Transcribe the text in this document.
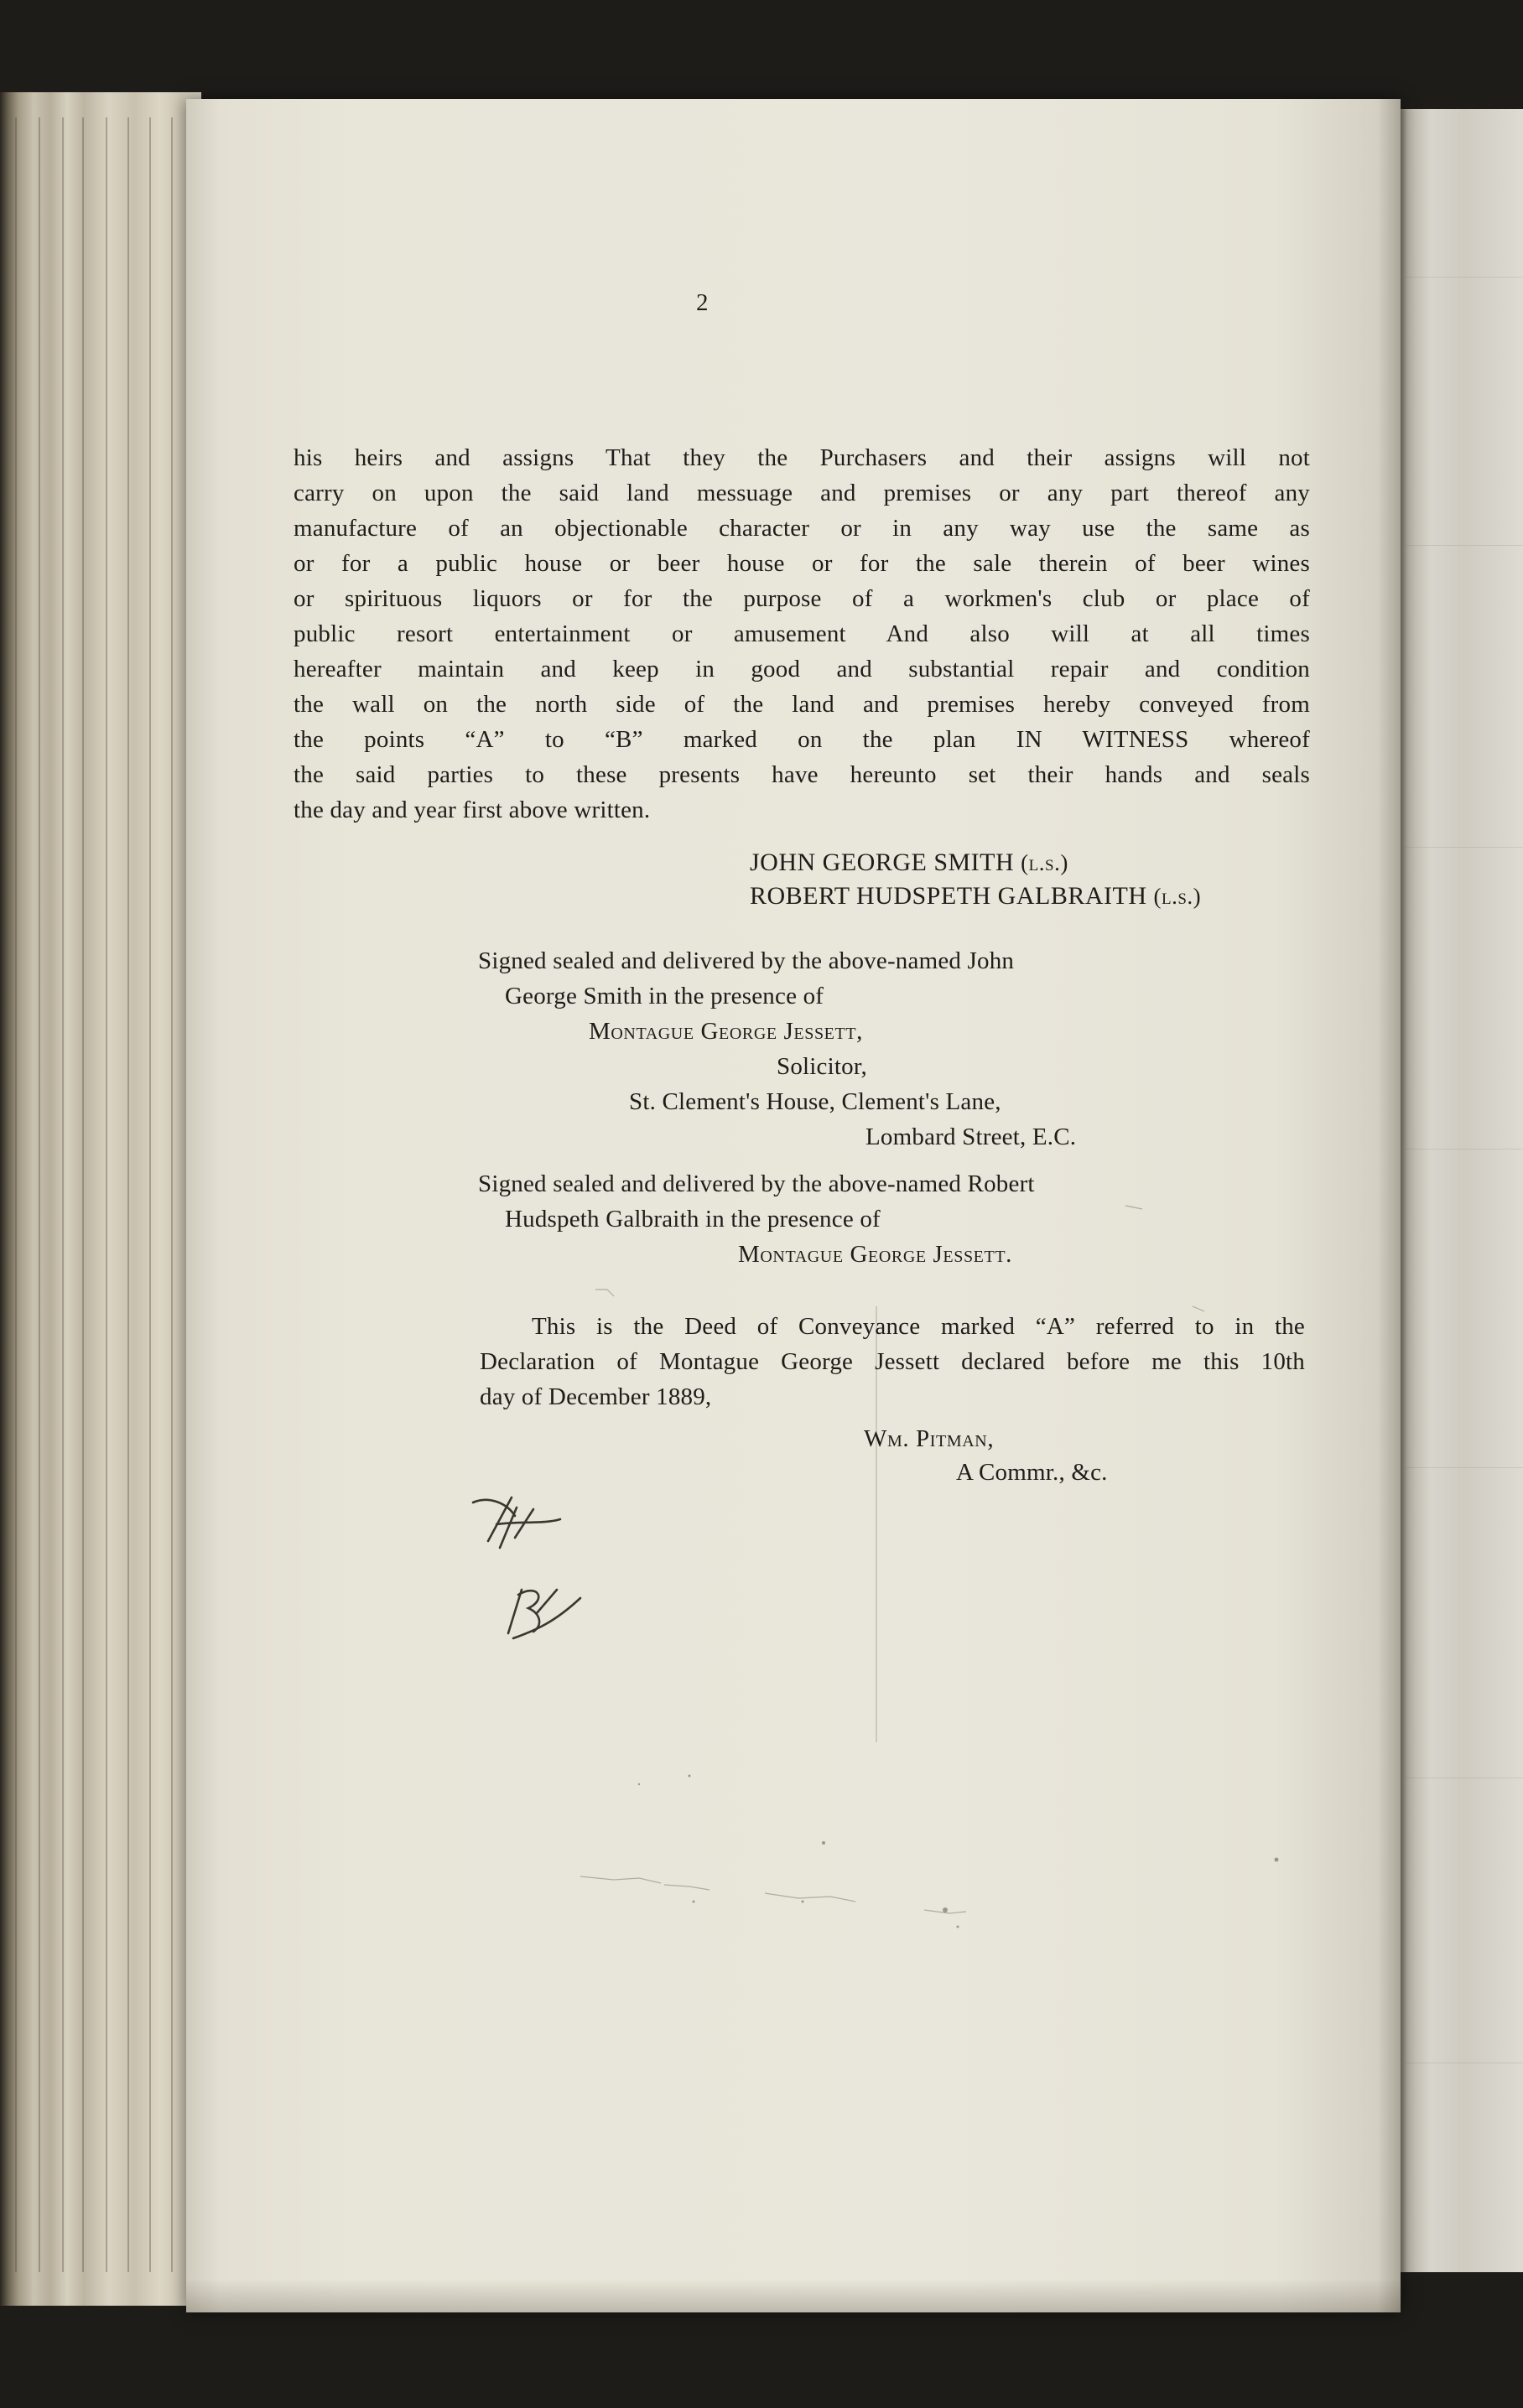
2
his heirs and assigns That they the Purchasers and their assigns will not
carry on upon the said land messuage and premises or any part thereof any
manufacture of an objectionable character or in any way use the same as
or for a public house or beer house or for the sale therein of beer wines
or spirituous liquors or for the purpose of a workmen's club or place of
public resort entertainment or amusement And also will at all times
hereafter maintain and keep in good and substantial repair and condition
the wall on the north side of the land and premises hereby conveyed from
the points “A” to “B” marked on the plan IN WITNESS whereof
the said parties to these presents have hereunto set their hands and seals
the day and year first above written.
JOHN GEORGE SMITH (l.s.)
ROBERT HUDSPETH GALBRAITH (l.s.)
Signed sealed and delivered by the above-named John
George Smith in the presence of
Montague George Jessett,
Solicitor,
St. Clement's House, Clement's Lane,
Lombard Street, E.C.
Signed sealed and delivered by the above-named Robert
Hudspeth Galbraith in the presence of
Montague George Jessett.
This is the Deed of Conveyance marked “A” referred to in the
Declaration of Montague George Jessett declared before me this 10th
day of December 1889,
Wm. Pitman,
A Commr., &c.
